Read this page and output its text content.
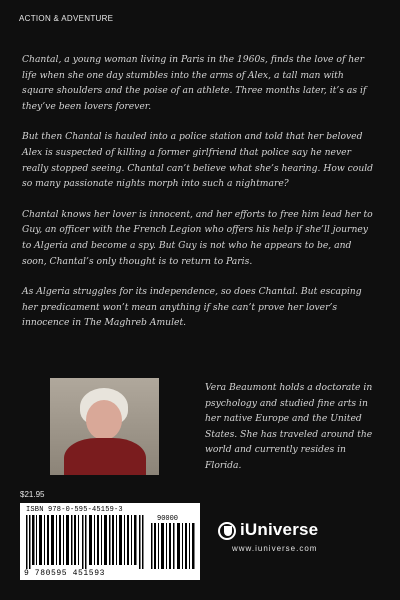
ACTION & ADVENTURE

Chantal, a young woman living in Paris in the 1960s, finds the love of her life when she one day stumbles into the arms of Alex, a tall man with square shoulders and the poise of an athlete. Three months later, it’s as if they’ve been lovers forever.

But then Chantal is hauled into a police station and told that her beloved Alex is suspected of killing a former girlfriend that police say he never really stopped seeing. Chantal can’t believe what she’s hearing. How could so many passionate nights morph into such a nightmare?

Chantal knows her lover is innocent, and her efforts to free him lead her to Guy, an officer with the French Legion who offers his help if she’ll journey to Algeria and become a spy. But Guy is not who he appears to be, and soon, Chantal’s only thought is to return to Paris.

As Algeria struggles for its independence, so does Chantal. But escaping her predicament won’t mean anything if she can’t prove her lover’s innocence in The Maghreb Amulet.

Vera Beaumont holds a doctorate in psychology and studied fine arts in her native Europe and the United States. She has traveled around the world and currently resides in Florida.
$21.95
ISBN 978-0-595-45159-3
90000
9 780595 451593
iUniverse
www.iuniverse.com
